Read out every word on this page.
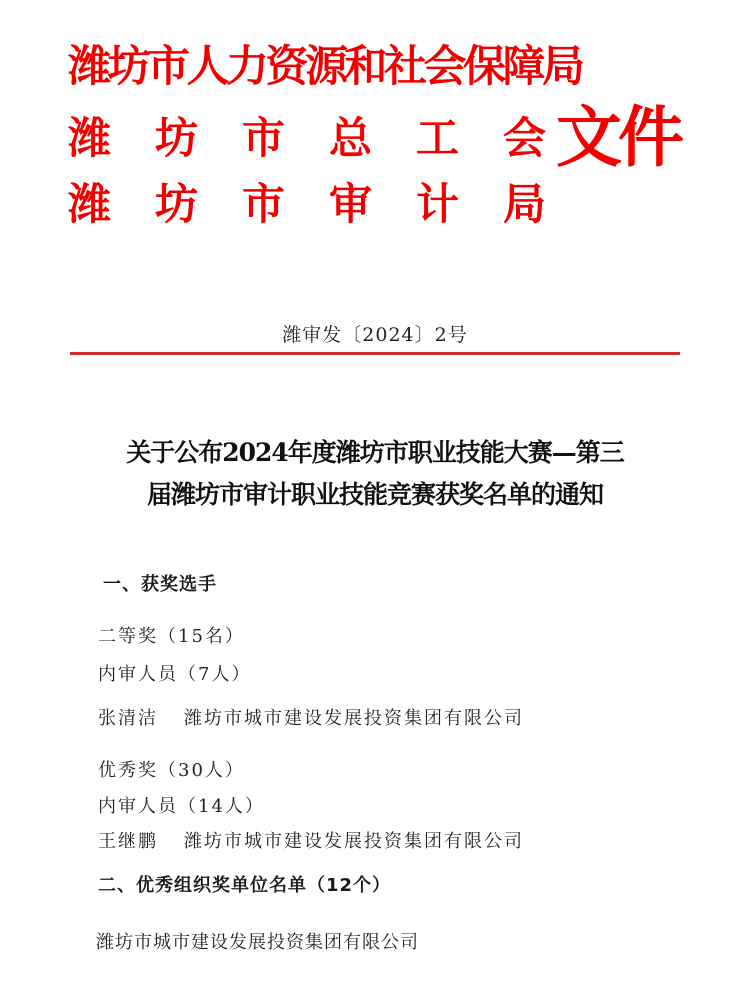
潍坊市人力资源和社会保障局
潍 坊 市 总 工 会
潍 坊 市 审 计 局
文件
潍审发〔2024〕2号
关于公布2024年度潍坊市职业技能大赛—第三
届潍坊市审计职业技能竞赛获奖名单的通知
一、获奖选手
二等奖（15名）
内审人员（7人）
张清洁 潍坊市城市建设发展投资集团有限公司
优秀奖（30人）
内审人员（14人）
王继鹏 潍坊市城市建设发展投资集团有限公司
二、优秀组织奖单位名单（12个）
潍坊市城市建设发展投资集团有限公司
